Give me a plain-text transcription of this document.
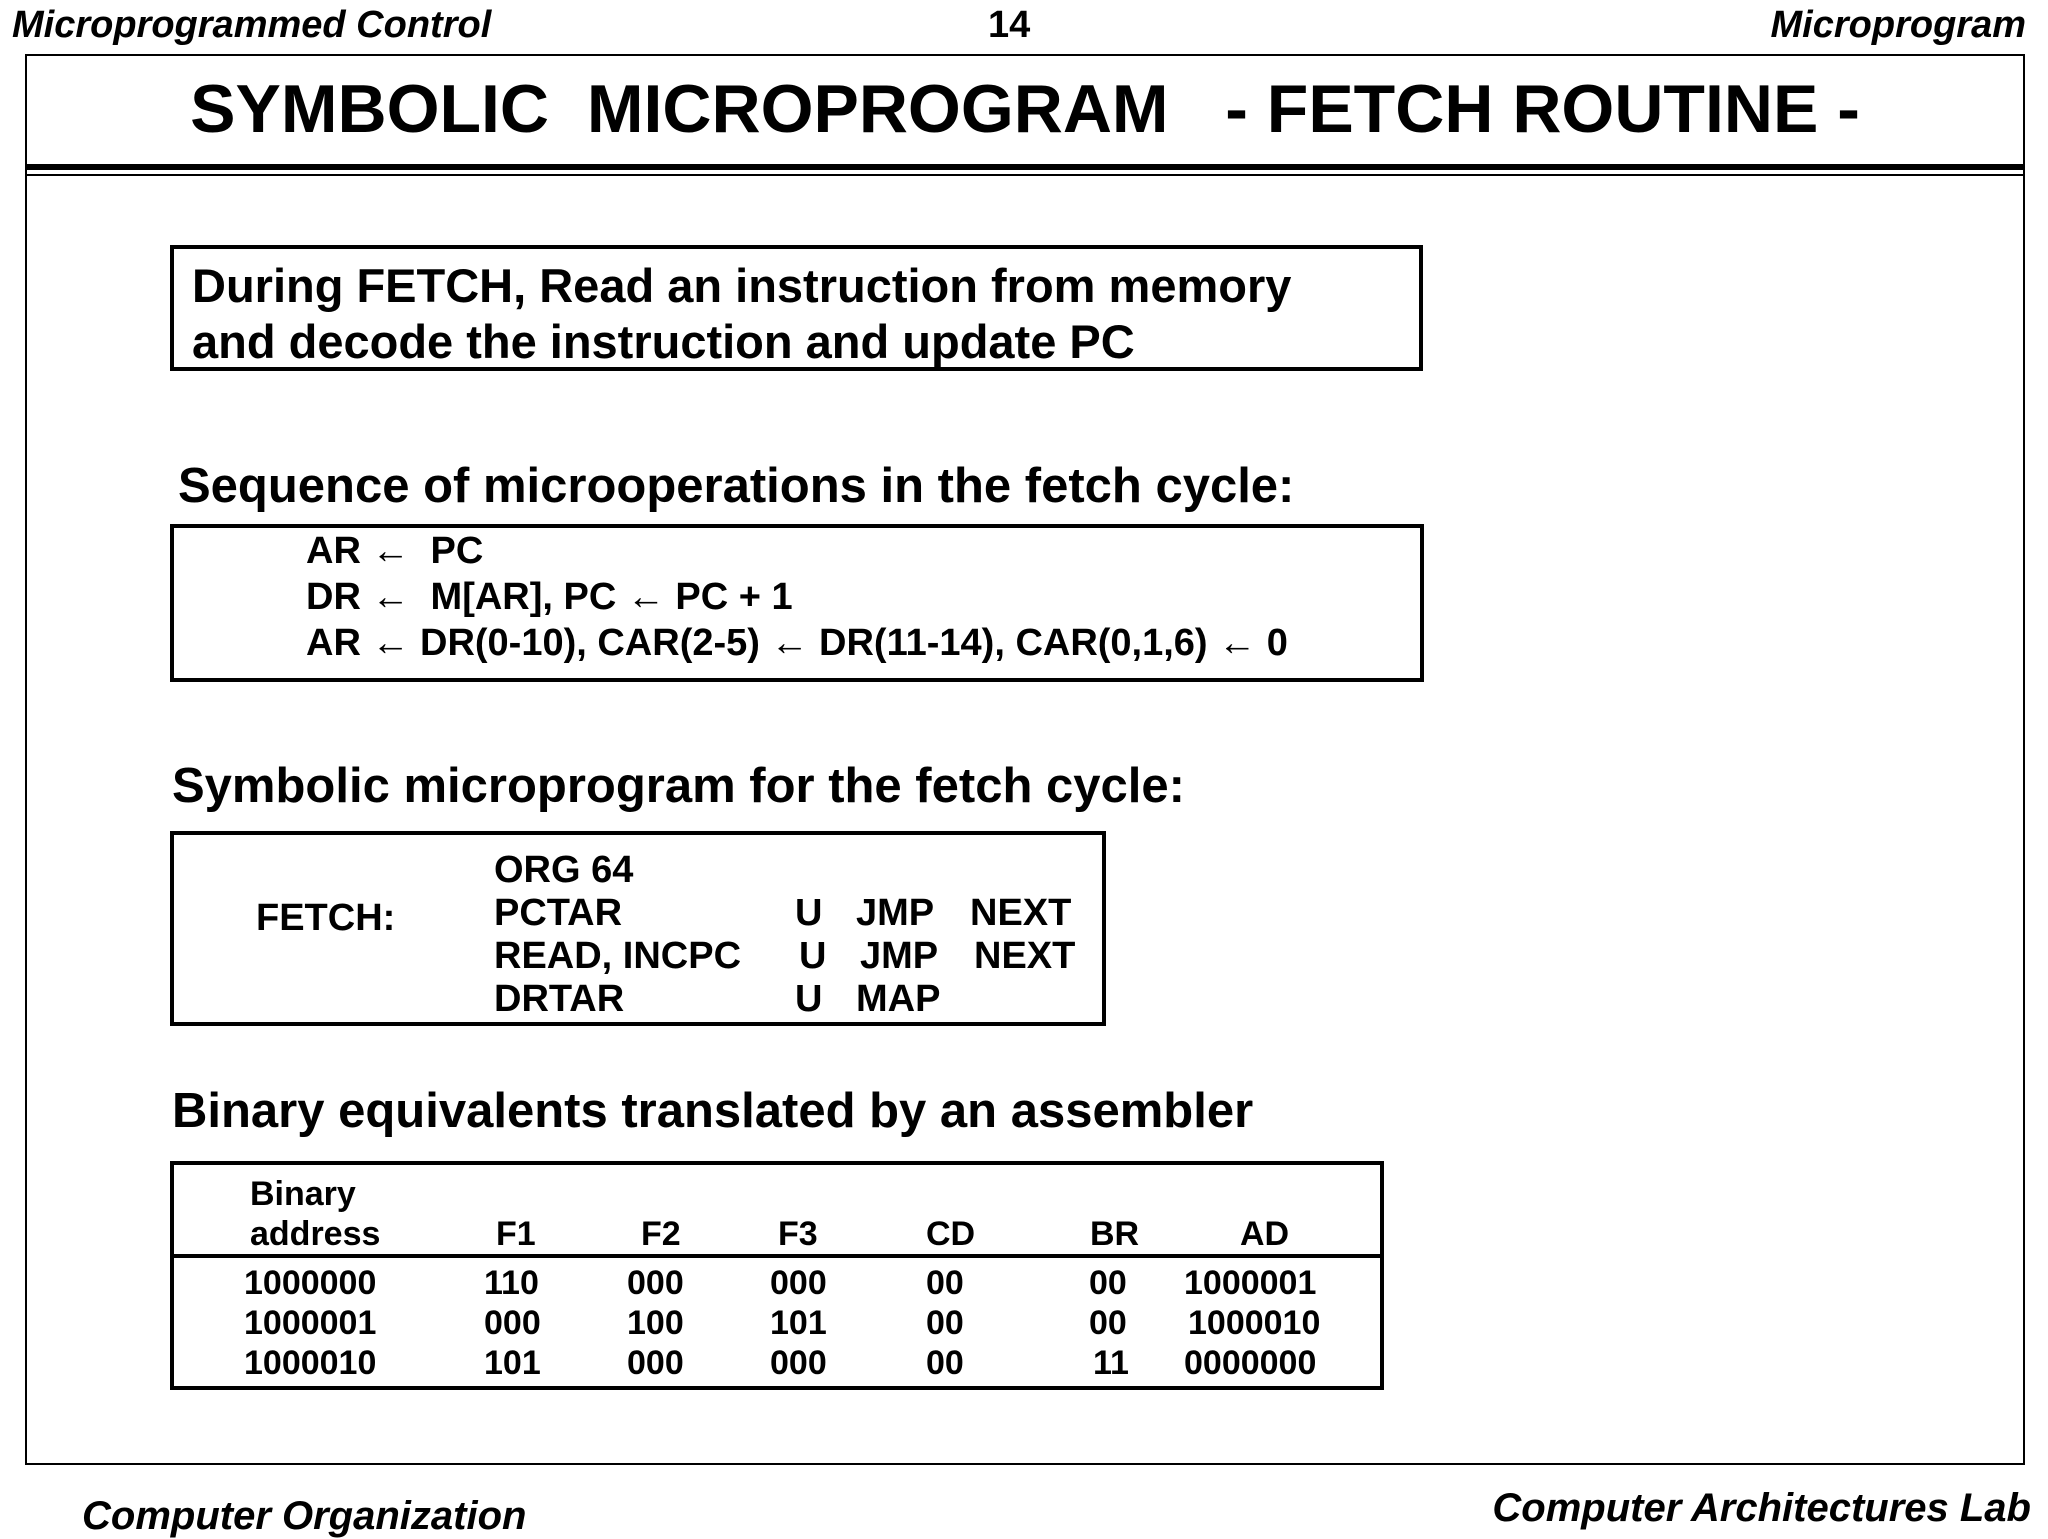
Microprogrammed Control	14	Microprogram
SYMBOLIC  MICROPROGRAM   - FETCH ROUTINE -
During FETCH, Read an instruction from memory
and decode the instruction and update PC
Sequence of microoperations in the fetch cycle:
AR ←  PC
DR ←  M[AR], PC ← PC + 1
AR ← DR(0-10), CAR(2-5) ← DR(11-14), CAR(0,1,6) ← 0
Symbolic microprogram for the fetch cycle:
FETCH:
ORG 64
PCTAR	U JMP NEXT
READ, INCPC U JMP NEXT
DRTAR	U MAP
Binary equivalents translated by an assembler
Binary
address	F1	F2	F3	CD	BR	AD
1000000	110	000	000	00	00 1000001
1000001	000	100	101	00	00 1000010
1000010	101	000	000	00	11 0000000
Computer Organization	Computer Architectures Lab
